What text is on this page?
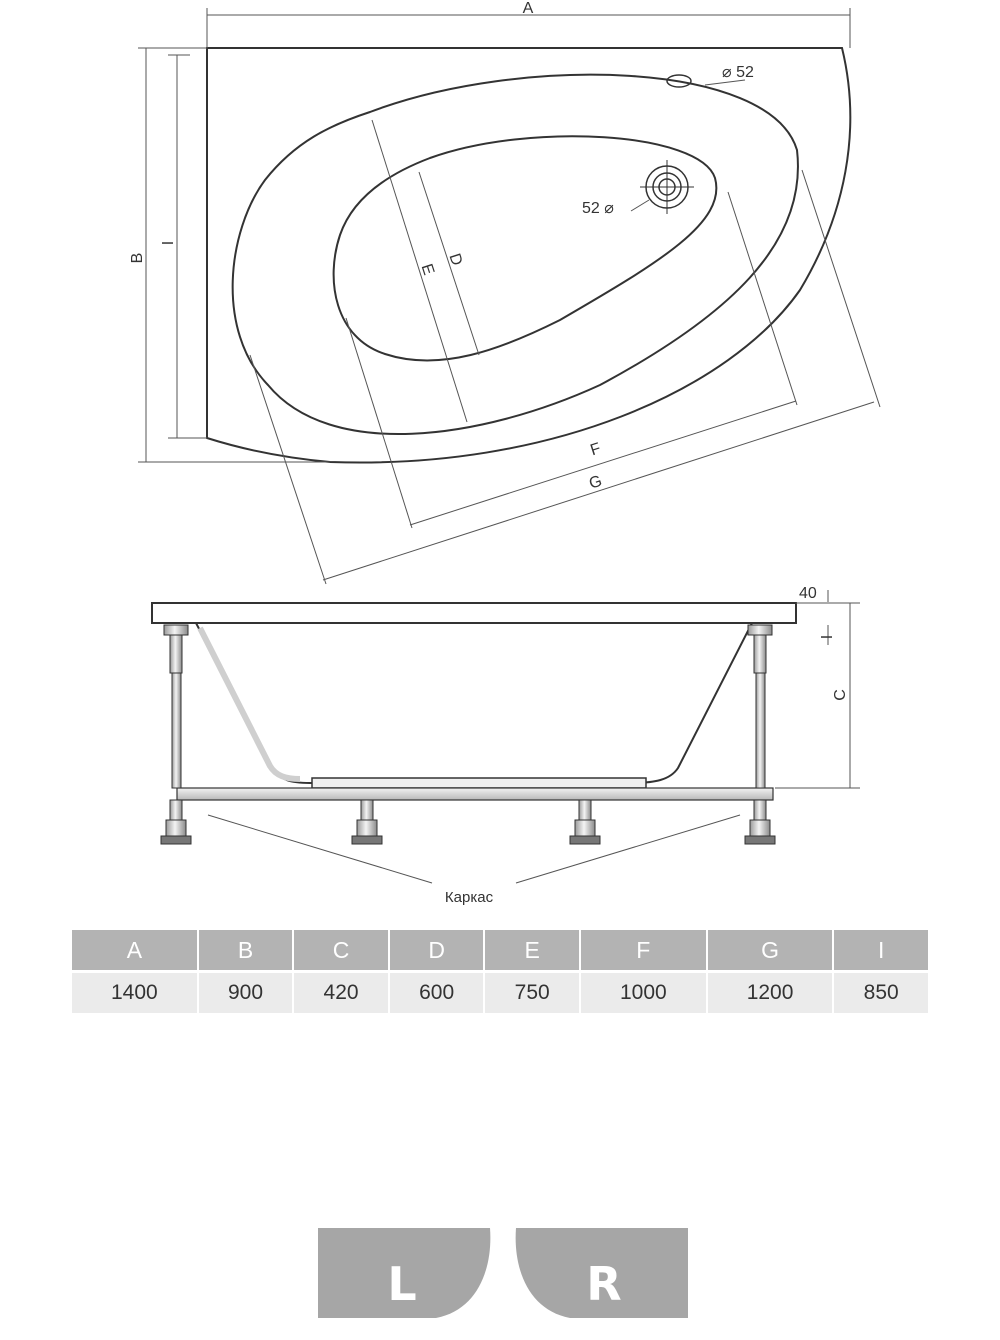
A
B
I
D
E
F
G
⌀ 52
52 ⌀
40
I
C
Каркас
A	B	C	D	E	F	G	I
1400	900	420	600	750	1000	1200	850
L	R
